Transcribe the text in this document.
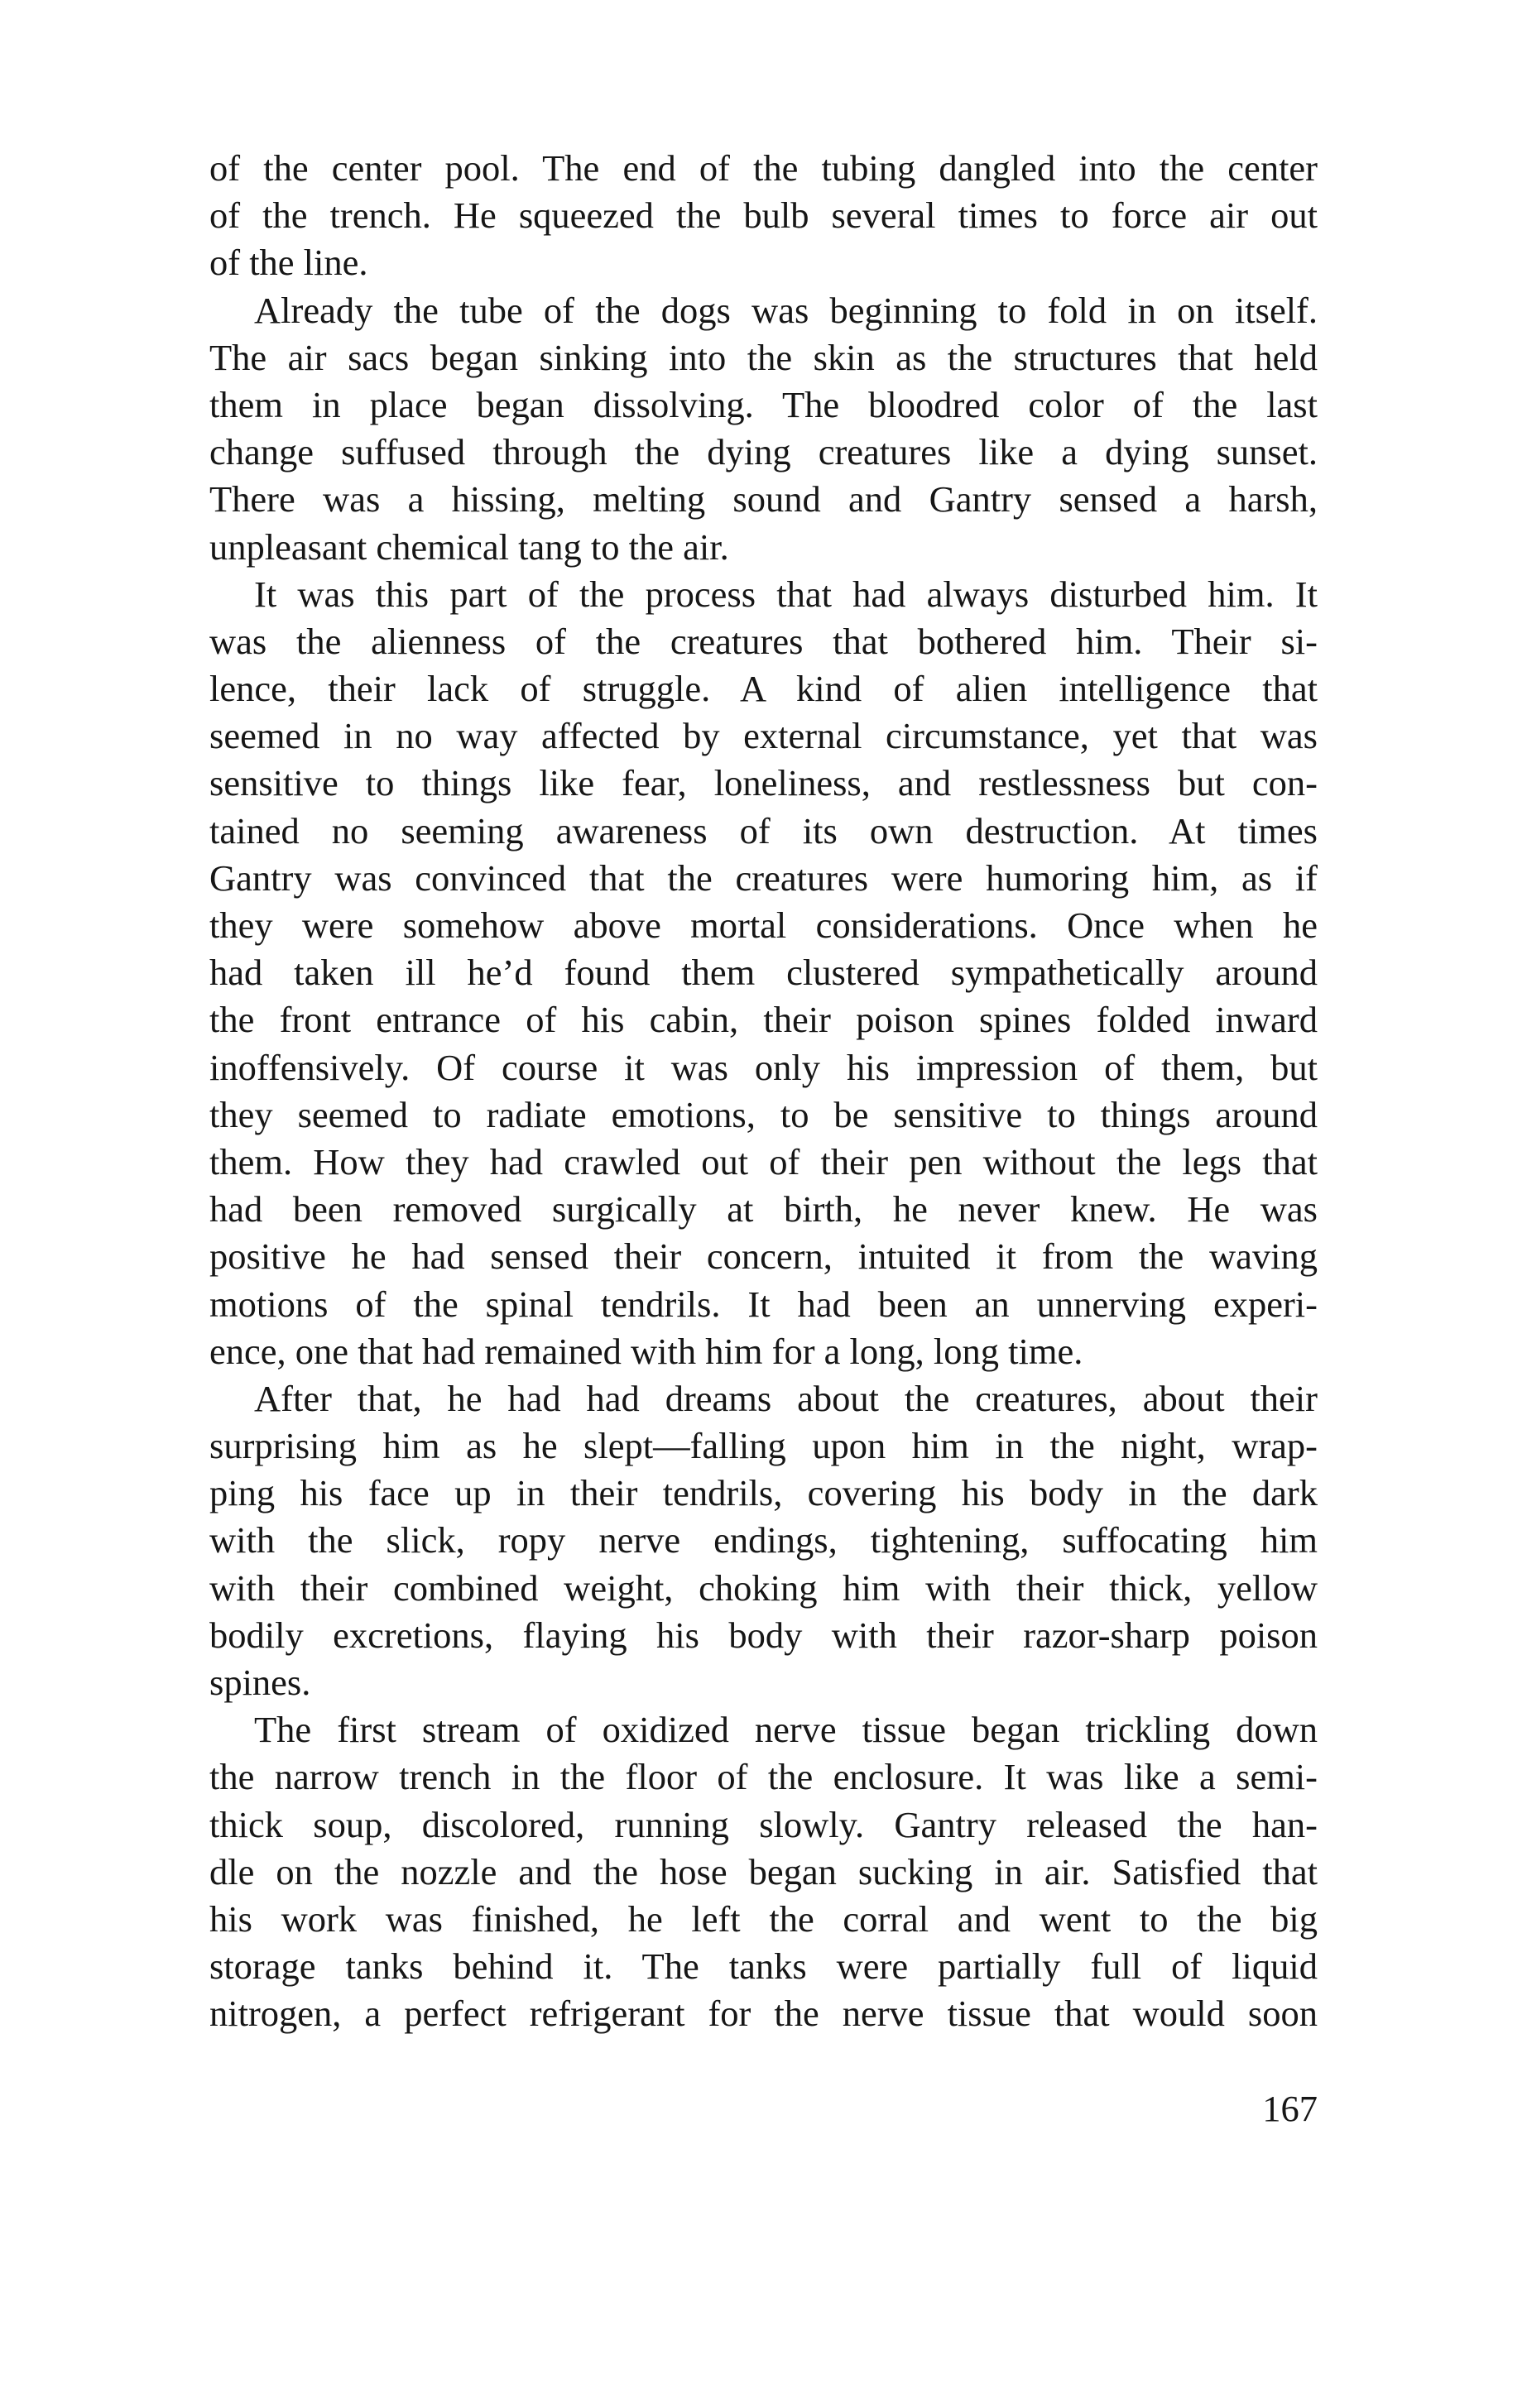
of the center pool. The end of the tubing dangled into the center
of the trench. He squeezed the bulb several times to force air out
of the line.
Already the tube of the dogs was beginning to fold in on itself.
The air sacs began sinking into the skin as the structures that held
them in place began dissolving. The bloodred color of the last
change suffused through the dying creatures like a dying sunset.
There was a hissing, melting sound and Gantry sensed a harsh,
unpleasant chemical tang to the air.
It was this part of the process that had always disturbed him. It
was the alienness of the creatures that bothered him. Their si-
lence, their lack of struggle. A kind of alien intelligence that
seemed in no way affected by external circumstance, yet that was
sensitive to things like fear, loneliness, and restlessness but con-
tained no seeming awareness of its own destruction. At times
Gantry was convinced that the creatures were humoring him, as if
they were somehow above mortal considerations. Once when he
had taken ill he’d found them clustered sympathetically around
the front entrance of his cabin, their poison spines folded inward
inoffensively. Of course it was only his impression of them, but
they seemed to radiate emotions, to be sensitive to things around
them. How they had crawled out of their pen without the legs that
had been removed surgically at birth, he never knew. He was
positive he had sensed their concern, intuited it from the waving
motions of the spinal tendrils. It had been an unnerving experi-
ence, one that had remained with him for a long, long time.
After that, he had had dreams about the creatures, about their
surprising him as he slept—falling upon him in the night, wrap-
ping his face up in their tendrils, covering his body in the dark
with the slick, ropy nerve endings, tightening, suffocating him
with their combined weight, choking him with their thick, yellow
bodily excretions, flaying his body with their razor-sharp poison
spines.
The first stream of oxidized nerve tissue began trickling down
the narrow trench in the floor of the enclosure. It was like a semi-
thick soup, discolored, running slowly. Gantry released the han-
dle on the nozzle and the hose began sucking in air. Satisfied that
his work was finished, he left the corral and went to the big
storage tanks behind it. The tanks were partially full of liquid
nitrogen, a perfect refrigerant for the nerve tissue that would soon
167
